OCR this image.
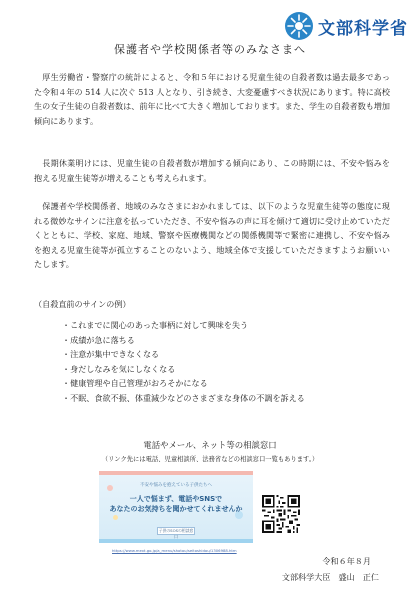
文部科学省
保護者や学校関係者等のみなさまへ

　厚生労働省・警察庁の統計によると、令和５年における児童生徒の自殺者数は過去最多であった令和４年の 514 人に次ぐ 513 人となり、引き続き、大変憂慮すべき状況にあります。特に高校生の女子生徒の自殺者数は、前年に比べて大きく増加しております。また、学生の自殺者数も増加傾向にあります。

　長期休業明けには、児童生徒の自殺者数が増加する傾向にあり、この時期には、不安や悩みを抱える児童生徒等が増えることも考えられます。

　保護者や学校関係者、地域のみなさまにおかれましては、以下のような児童生徒等の態度に現れる微妙なサインに注意を払っていただき、不安や悩みの声に耳を傾けて適切に受け止めていただくとともに、学校、家庭、地域、警察や医療機関などの関係機関等で緊密に連携し、不安や悩みを抱える児童生徒等が孤立することのないよう、地域全体で支援していただきますようお願いいたします。

（自殺直前のサインの例）
・これまでに関心のあった事柄に対して興味を失う
・成績が急に落ちる
・注意が集中できなくなる
・身だしなみを気にしなくなる
・健康管理や自己管理がおろそかになる
・不眠、食欲不振、体重減少などのさまざまな身体の不調を訴える
電話やメール、ネット等の相談窓口
（リンク先には電話、児童相談所、法務省などの相談窓口一覧もあります。）
不安や悩みを抱えている子供たちへ
一人で悩まず、電話やSNSで
あなたのお気持ちを聞かせてくれませんか
子供のSOSの相談窓口
https://www.mext.go.jp/a_menu/shotou/seitoshidou/1306988.htm
令和６年８月
文部科学大臣　盛山　正仁
